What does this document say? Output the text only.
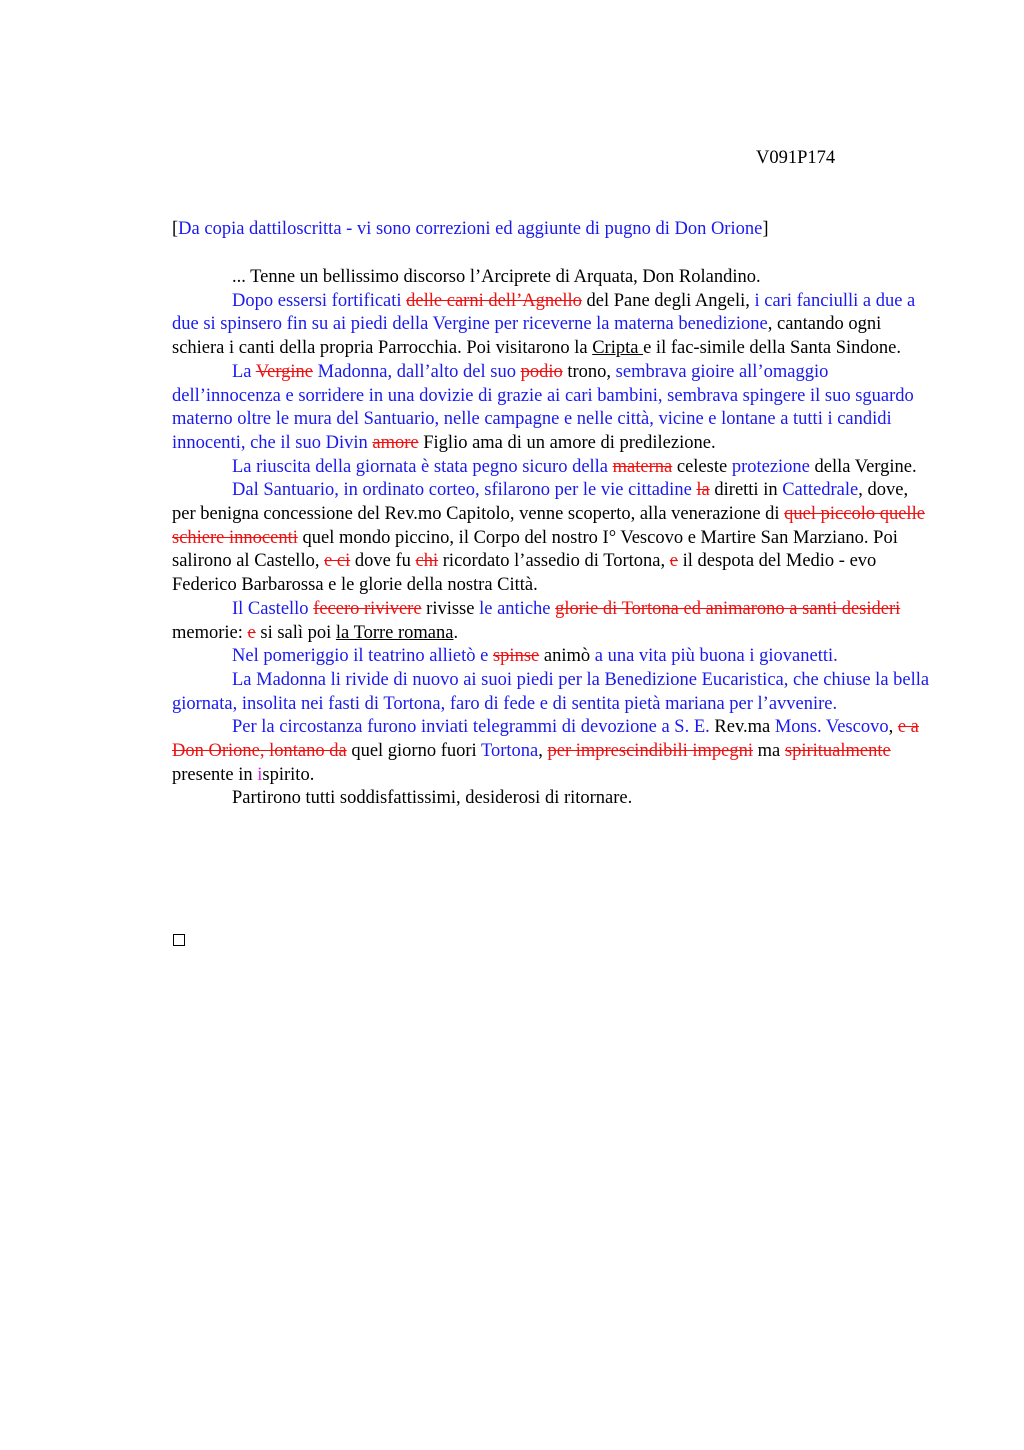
V091P174
[Da copia dattiloscritta - vi sono correzioni ed aggiunte di pugno di Don Orione]

... Tenne un bellissimo discorso l’Arciprete di Arquata, Don Rolandino.

Dopo essersi fortificati delle carni dell’Agnello del Pane degli Angeli, i cari fanciulli a due a due si spinsero fin su ai piedi della Vergine per riceverne la materna benedizione, cantando ogni schiera i canti della propria Parrocchia. Poi visitarono la Cripta e il fac-simile della Santa Sindone.

La Vergine Madonna, dall’alto del suo podio trono, sembrava gioire all’omaggio dell’innocenza e sorridere in una dovizie di grazie ai cari bambini, sembrava spingere il suo sguardo materno oltre le mura del Santuario, nelle campagne e nelle città, vicine e lontane a tutti i candidi innocenti, che il suo Divin amore Figlio ama di un amore di predilezione.

La riuscita della giornata è stata pegno sicuro della materna celeste protezione della Vergine.

Dal Santuario, in ordinato corteo, sfilarono per le vie cittadine la diretti in Cattedrale, dove, per benigna concessione del Rev.mo Capitolo, venne scoperto, alla venerazione di quel piccolo quelle schiere innocenti quel mondo piccino, il Corpo del nostro I° Vescovo e Martire San Marziano. Poi salirono al Castello, e ci dove fu chi ricordato l’assedio di Tortona, e il despota del Medio - evo Federico Barbarossa e le glorie della nostra Città.

Il Castello fecero rivivere rivisse le antiche glorie di Tortona ed animarono a santi desideri memorie: e si salì poi la Torre romana.

Nel pomeriggio il teatrino allietò e spinse animò a una vita più buona i giovanetti.

La Madonna li rivide di nuovo ai suoi piedi per la Benedizione Eucaristica, che chiuse la bella giornata, insolita nei fasti di Tortona, faro di fede e di sentita pietà mariana per l’avvenire.

Per la circostanza furono inviati telegrammi di devozione a S. E. Rev.ma Mons. Vescovo, e a Don Orione, lontano da quel giorno fuori Tortona, per imprescindibili impegni ma spiritualmente presente in ispirito.

Partirono tutti soddisfattissimi, desiderosi di ritornare.
